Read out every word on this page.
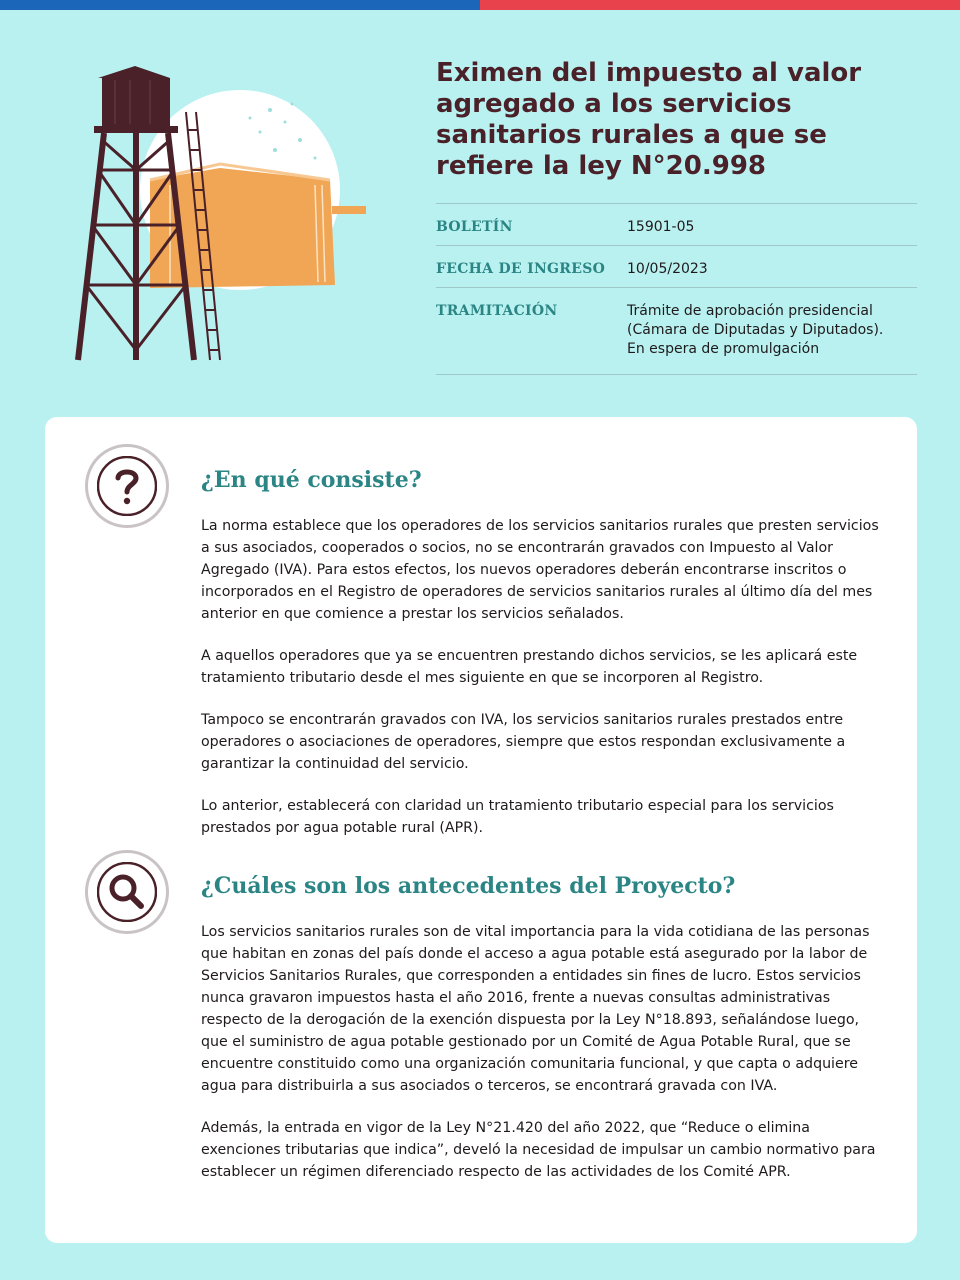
Eximen del impuesto al valor agregado a los servicios sanitarios rurales a que se refiere la ley N°20.998
BOLETÍN	15901-05
FECHA DE INGRESO	10/05/2023
TRAMITACIÓN	Trámite de aprobación presidencial
(Cámara de Diputadas y Diputados).
En espera de promulgación
¿En qué consiste?

La norma establece que los operadores de los servicios sanitarios rurales que presten servicios a sus asociados, cooperados o socios, no se encontrarán gravados con Impuesto al Valor Agregado (IVA). Para estos efectos, los nuevos operadores deberán encontrarse inscritos o incorporados en el Registro de operadores de servicios sanitarios rurales al último día del mes anterior en que comience a prestar los servicios señalados.

A aquellos operadores que ya se encuentren prestando dichos servicios, se les aplicará este tratamiento tributario desde el mes siguiente en que se incorporen al Registro.

Tampoco se encontrarán gravados con IVA, los servicios sanitarios rurales prestados entre operadores o asociaciones de operadores, siempre que estos respondan exclusivamente a garantizar la continuidad del servicio.

Lo anterior, establecerá con claridad un tratamiento tributario especial para los servicios prestados por agua potable rural (APR).

¿Cuáles son los antecedentes del Proyecto?

Los servicios sanitarios rurales son de vital importancia para la vida cotidiana de las personas que habitan en zonas del país donde el acceso a agua potable está asegurado por la labor de Servicios Sanitarios Rurales, que corresponden a entidades sin fines de lucro. Estos servicios nunca gravaron impuestos hasta el año 2016, frente a nuevas consultas administrativas respecto de la derogación de la exención dispuesta por la Ley N°18.893, señalándose luego, que el suministro de agua potable gestionado por un Comité de Agua Potable Rural, que se encuentre constituido como una organización comunitaria funcional, y que capta o adquiere agua para distribuirla a sus asociados o terceros, se encontrará gravada con IVA.

Además, la entrada en vigor de la Ley N°21.420 del año 2022, que “Reduce o elimina exenciones tributarias que indica”, develó la necesidad de impulsar un cambio normativo para establecer un régimen diferenciado respecto de las actividades de los Comité APR.
